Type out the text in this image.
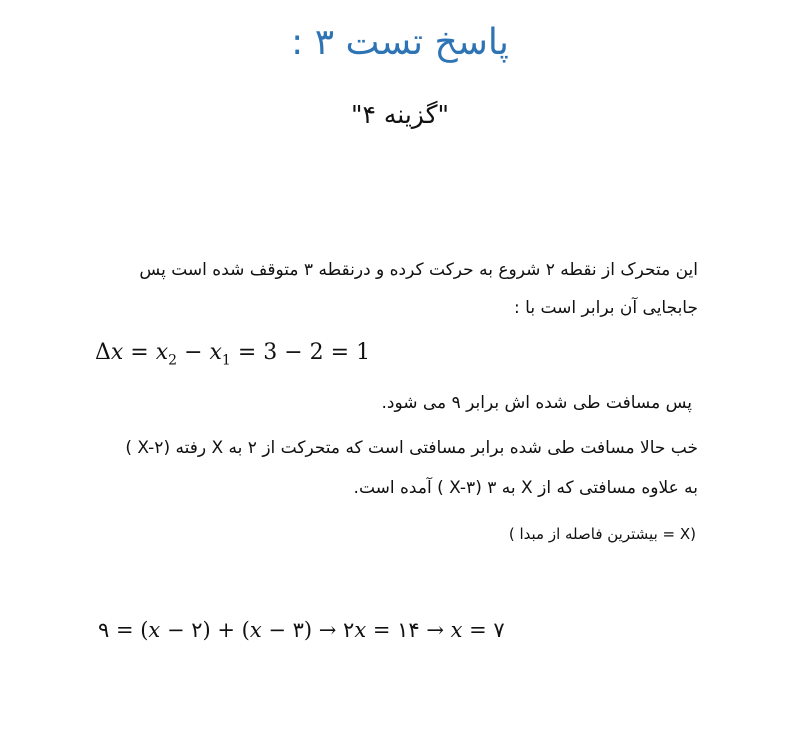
پاسخ تست ۳ :
"گزینه ۴"
این متحرک از نقطه ۲ شروع به حرکت کرده و درنقطه ۳ متوقف شده است پس
جابجایی آن برابر است با :
$\Delta x = x_2 - x_1 = 3 - 2 = 1$
پس مسافت طی شده اش برابر ۹ می شود.
خب حالا مسافت طی شده برابر مسافتی است که متحرکت از ۲ به X رفته (X-۲ )
به علاوه مسافتی که از X به ۳ (X-۳ ) آمده است.
(X = بیشترین فاصله از مبدا )
۹ = (x − ۲) + (x − ۳) → ۲x = ۱۴ → x = ۷
